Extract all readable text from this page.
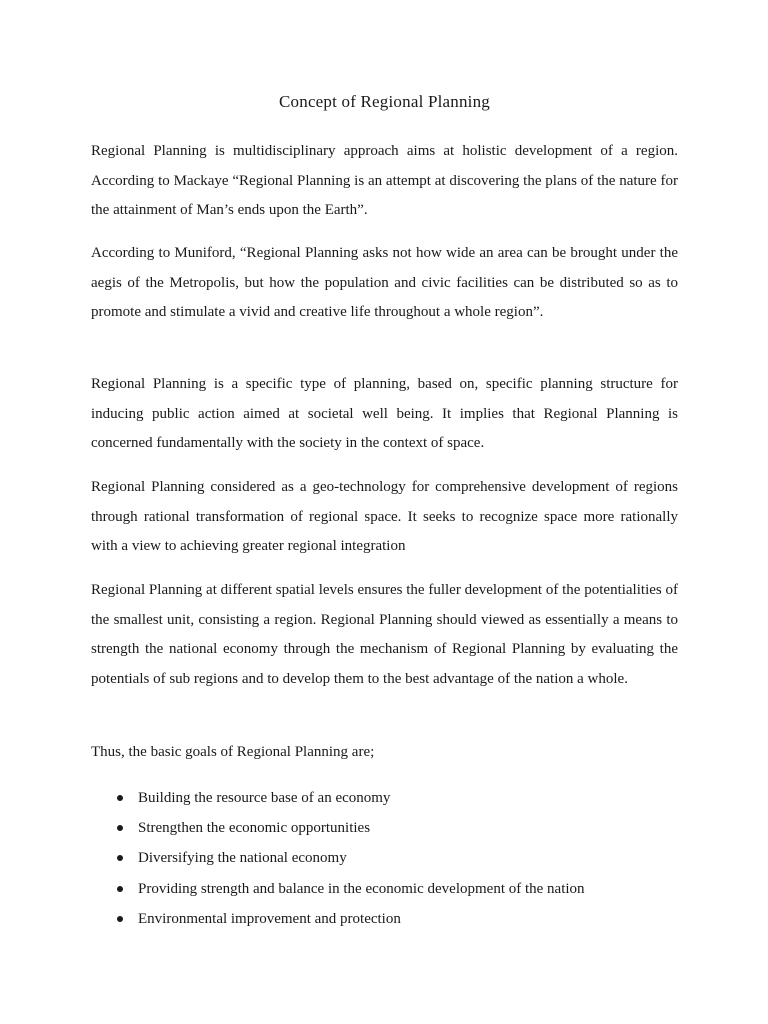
Concept of Regional Planning

Regional Planning is multidisciplinary approach aims at holistic development of a region. According to Mackaye “Regional Planning is an attempt at discovering the plans of the nature for the attainment of Man’s ends upon the Earth”.

According to Muniford, “Regional Planning asks not how wide an area can be brought under the aegis of the Metropolis, but how the population and civic facilities can be distributed so as to promote and stimulate a vivid and creative life throughout a whole region”.

Regional Planning is a specific type of planning, based on, specific planning structure for inducing public action aimed at societal well being. It implies that Regional Planning is concerned fundamentally with the society in the context of space.

Regional Planning considered as a geo-technology for comprehensive development of regions through rational transformation of regional space. It seeks to recognize space more rationally with a view to achieving greater regional integration

Regional Planning at different spatial levels ensures the fuller development of the potentialities of the smallest unit, consisting a region. Regional Planning should viewed as essentially a means to strength the national economy through the mechanism of Regional Planning by evaluating the potentials of sub regions and to develop them to the best advantage of the nation a whole.

Thus, the basic goals of Regional Planning are;

Building the resource base of an economy
Strengthen the economic opportunities
Diversifying the national economy
Providing strength and balance in the economic development of the nation
Environmental improvement and protection
